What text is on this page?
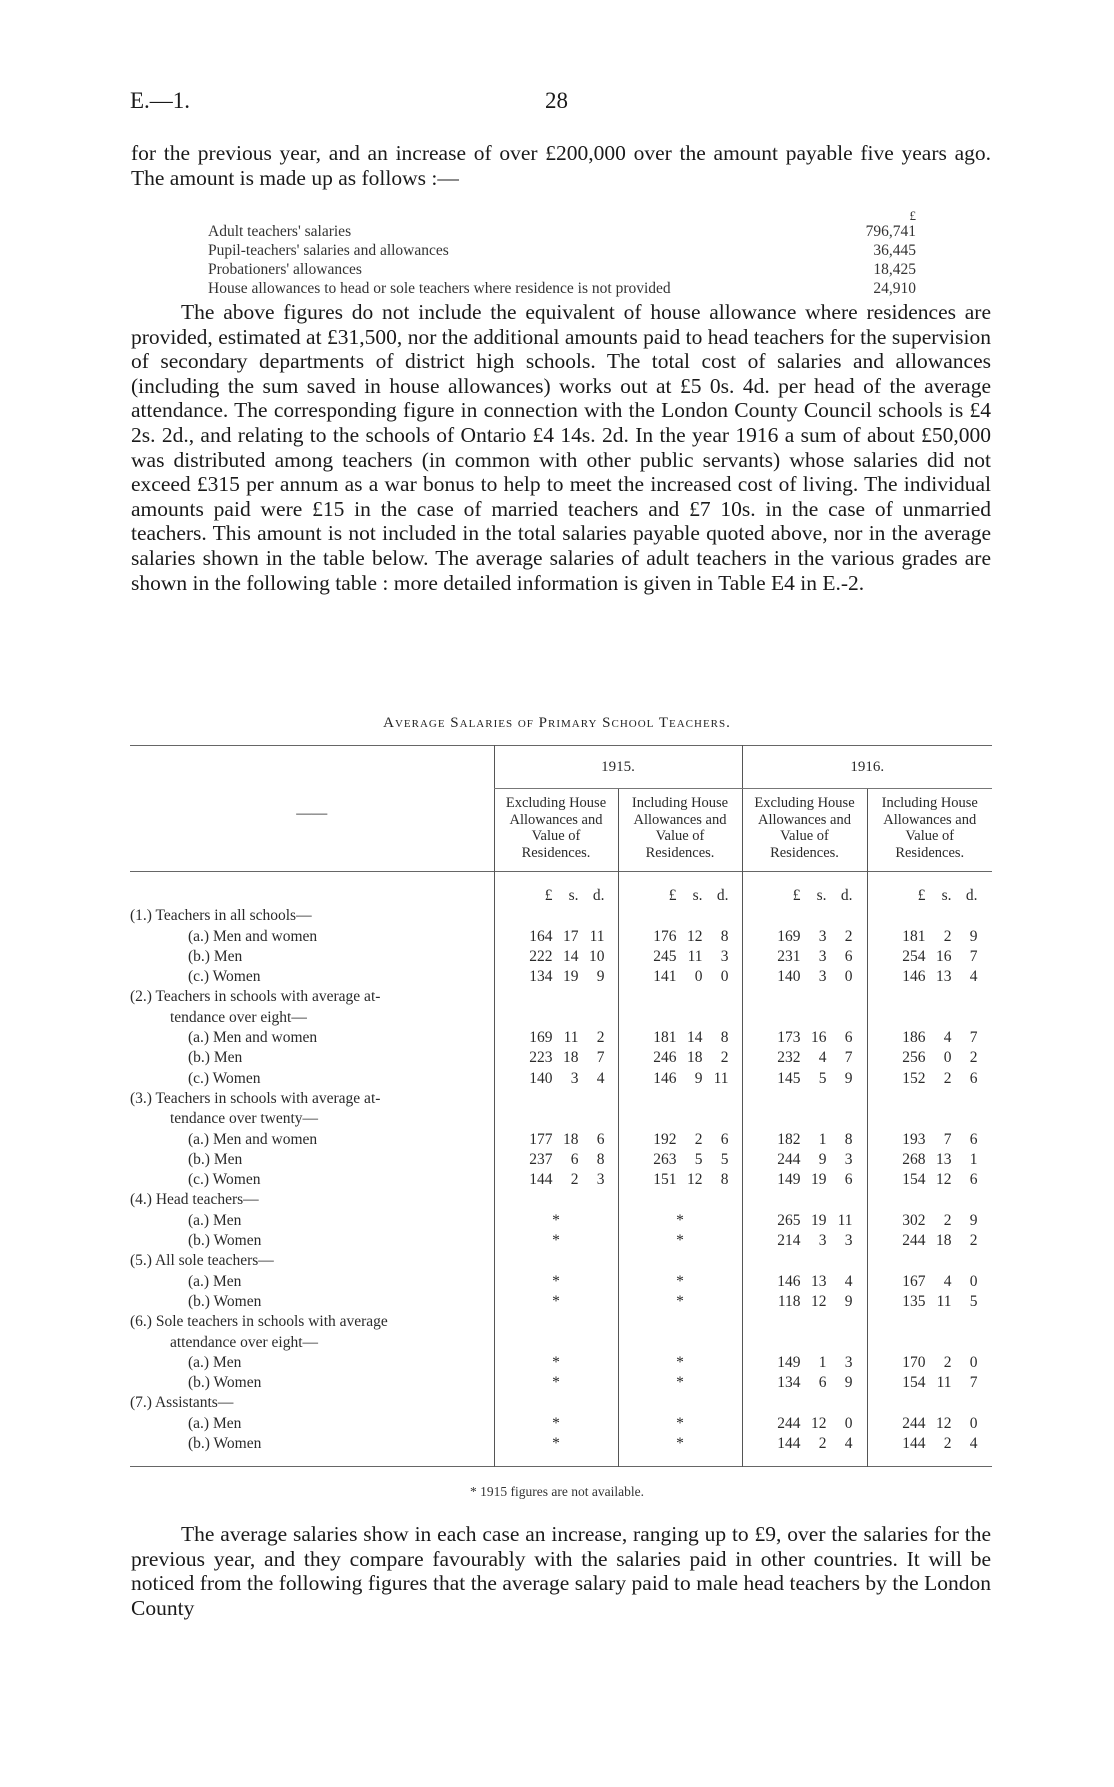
E.—1.	28

for the previous year, and an increase of over £200,000 over the amount payable five years ago. The amount is made up as follows :—

£
Adult teachers' salaries	796,741
Pupil-teachers' salaries and allowances	36,445
Probationers' allowances	18,425
House allowances to head or sole teachers where residence is not provided	24,910

The above figures do not include the equivalent of house allowance where residences are provided, estimated at £31,500, nor the additional amounts paid to head teachers for the supervision of secondary departments of district high schools. The total cost of salaries and allowances (including the sum saved in house allowances) works out at £5 0s. 4d. per head of the average attendance. The corresponding figure in connection with the London County Council schools is £4 2s. 2d., and relating to the schools of Ontario £4 14s. 2d. In the year 1916 a sum of about £50,000 was distributed among teachers (in common with other public servants) whose salaries did not exceed £315 per annum as a war bonus to help to meet the increased cost of living. The individual amounts paid were £15 in the case of married teachers and £7 10s. in the case of unmarried teachers. This amount is not included in the total salaries payable quoted above, nor in the average salaries shown in the table below. The average salaries of adult teachers in the various grades are shown in the following table : more detailed information is given in Table E4 in E.-2.

Average Salaries of Primary School Teachers.
——	1915.		1916.	
	Excluding House Allowances and Value of Residences.	Including House Allowances and Value of Residences.	Excluding House Allowances and Value of Residences.	Including House Allowances and Value of Residences.
	£ s. d.	£ s. d.	£ s. d.	£ s. d.
(1.) Teachers in all schools—				
(a.) Men and women	164 17 11	176 12 8	169 3 2	181 2 9
(b.) Men	222 14 10	245 11 3	231 3 6	254 16 7
(c.) Women	134 19 9	141 0 0	140 3 0	146 13 4
(2.) Teachers in schools with average at-				
tendance over eight—				
(a.) Men and women	169 11 2	181 14 8	173 16 6	186 4 7
(b.) Men	223 18 7	246 18 2	232 4 7	256 0 2
(c.) Women	140 3 4	146 9 11	145 5 9	152 2 6
(3.) Teachers in schools with average at-				
tendance over twenty—				
(a.) Men and women	177 18 6	192 2 6	182 1 8	193 7 6
(b.) Men	237 6 8	263 5 5	244 9 3	268 13 1
(c.) Women	144 2 3	151 12 8	149 19 6	154 12 6
(4.) Head teachers—				
(a.) Men	*	*	265 19 11	302 2 9
(b.) Women	*	*	214 3 3	244 18 2
(5.) All sole teachers—				
(a.) Men	*	*	146 13 4	167 4 0
(b.) Women	*	*	118 12 9	135 11 5
(6.) Sole teachers in schools with average				
attendance over eight—				
(a.) Men	*	*	149 1 3	170 2 0
(b.) Women	*	*	134 6 9	154 11 7
(7.) Assistants—				
(a.) Men	*	*	244 12 0	244 12 0
(b.) Women	*	*	144 2 4	144 2 4
* 1915 figures are not available.

The average salaries show in each case an increase, ranging up to £9, over the salaries for the previous year, and they compare favourably with the salaries paid in other countries. It will be noticed from the following figures that the average salary paid to male head teachers by the London County
